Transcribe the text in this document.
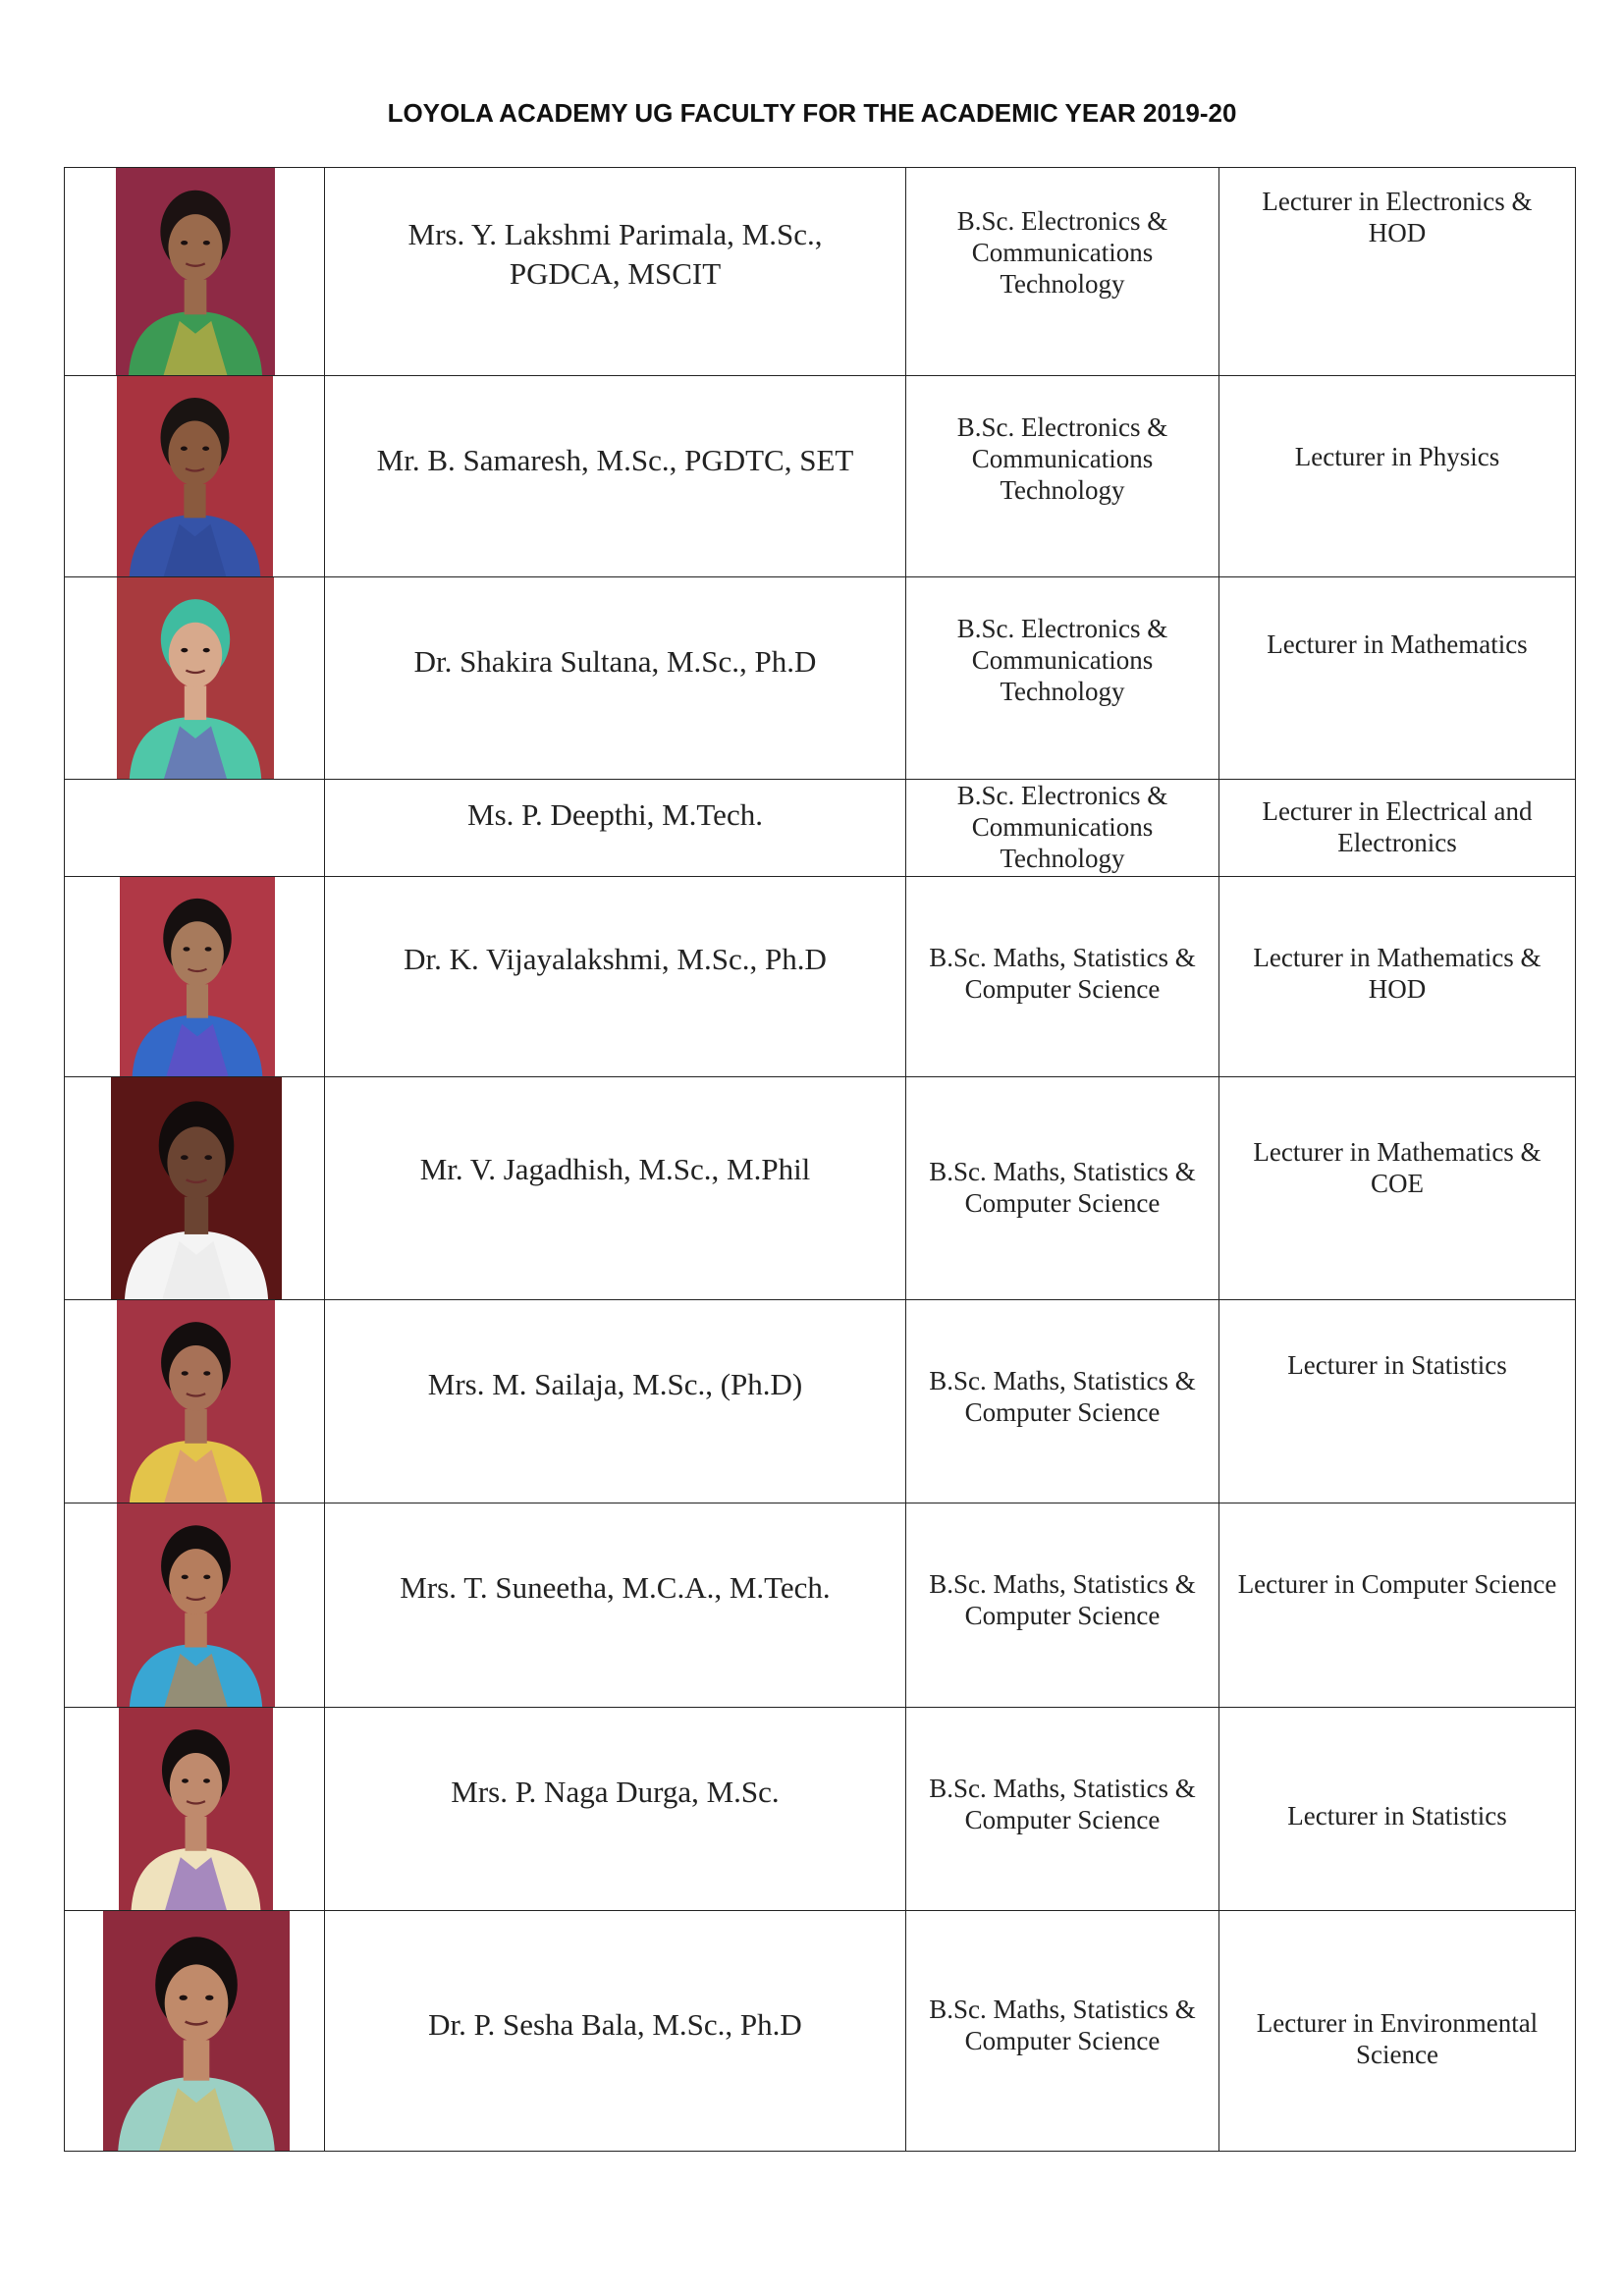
LOYOLA ACADEMY UG FACULTY FOR THE ACADEMIC YEAR 2019-20

Mrs. Y. Lakshmi Parimala, M.Sc., PGDCA, MSCIT	B.Sc. Electronics & Communications Technology	Lecturer in Electronics & HOD

Mr. B. Samaresh, M.Sc., PGDTC, SET	B.Sc. Electronics & Communications Technology	Lecturer in Physics

Dr. Shakira Sultana, M.Sc., Ph.D	B.Sc. Electronics & Communications Technology	Lecturer in Mathematics

	Ms. P. Deepthi, M.Tech.	B.Sc. Electronics & Communications Technology	Lecturer in Electrical and Electronics

Dr. K. Vijayalakshmi, M.Sc., Ph.D	B.Sc. Maths, Statistics & Computer Science	Lecturer in Mathematics & HOD

Mr. V. Jagadhish, M.Sc., M.Phil	B.Sc. Maths, Statistics & Computer Science	Lecturer in Mathematics & COE

Mrs. M. Sailaja, M.Sc., (Ph.D)	B.Sc. Maths, Statistics & Computer Science	Lecturer in Statistics

Mrs. T. Suneetha, M.C.A., M.Tech.	B.Sc. Maths, Statistics & Computer Science	Lecturer in Computer Science

Mrs. P. Naga Durga, M.Sc.	B.Sc. Maths, Statistics & Computer Science	Lecturer in Statistics

Dr. P. Sesha Bala, M.Sc., Ph.D	B.Sc. Maths, Statistics & Computer Science	Lecturer in Environmental Science
